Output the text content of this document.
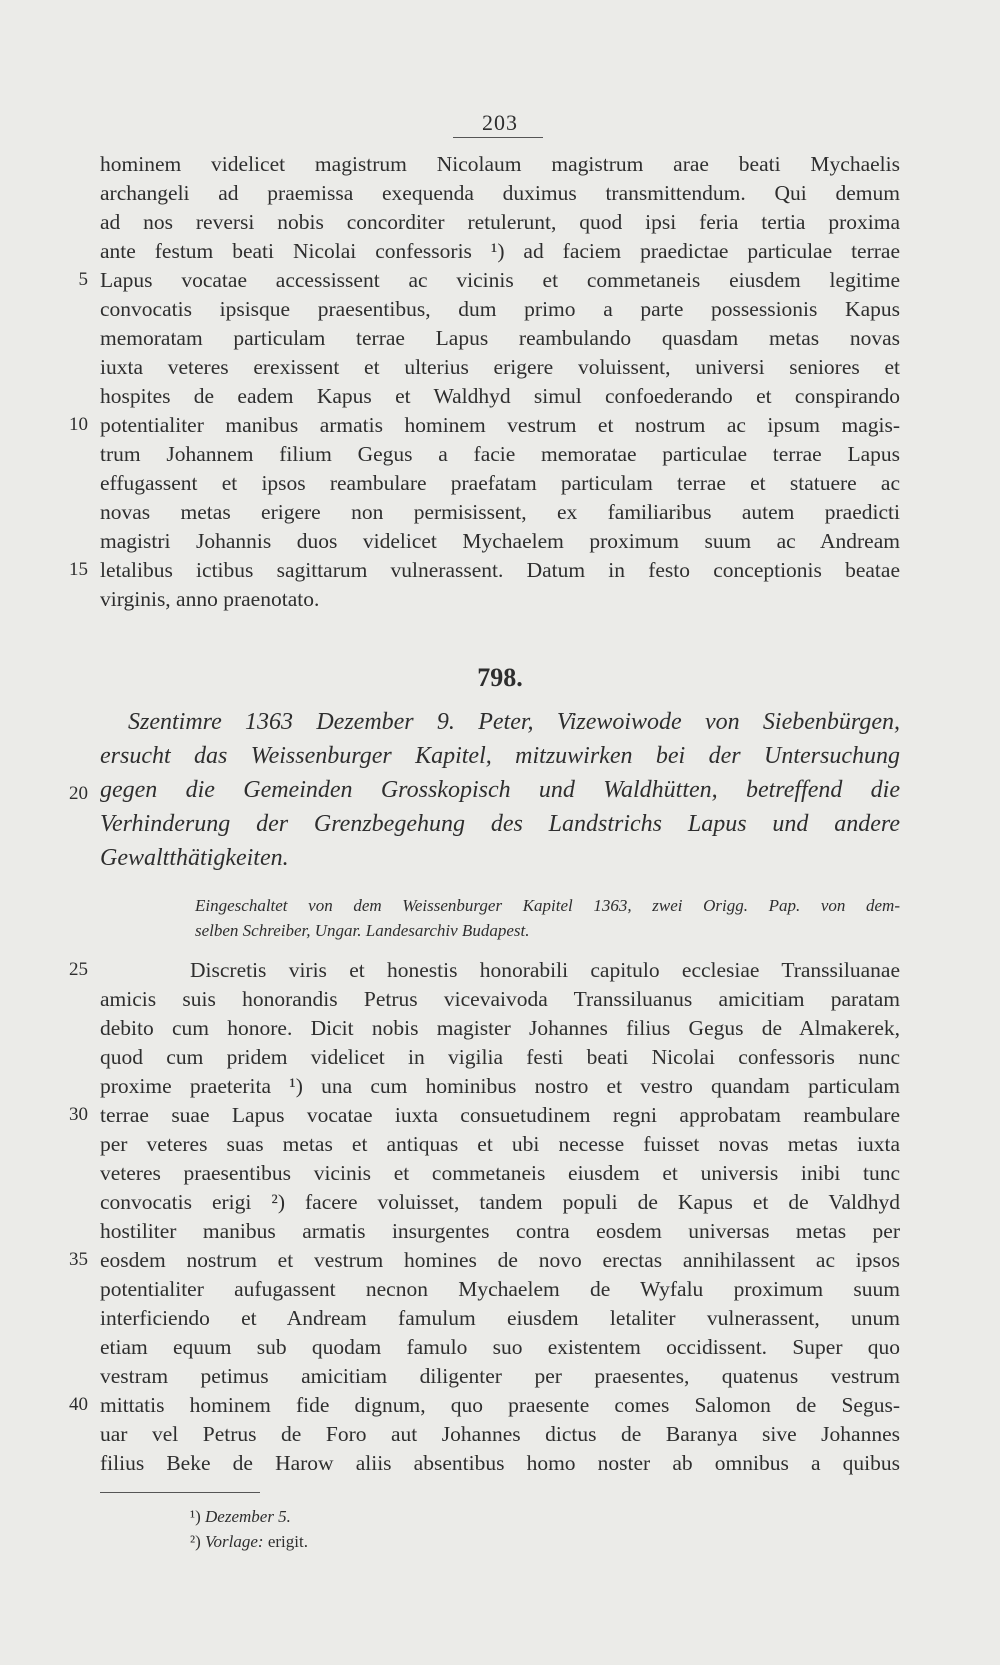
203
hominem videlicet magistrum Nicolaum magistrum arae beati Mychaelis
archangeli ad praemissa exequenda duximus transmittendum. Qui demum
ad nos reversi nobis concorditer retulerunt, quod ipsi feria tertia proxima
ante festum beati Nicolai confessoris ¹) ad faciem praedictae particulae terrae
Lapus vocatae accessissent ac vicinis et commetaneis eiusdem legitime
convocatis ipsisque praesentibus, dum primo a parte possessionis Kapus
memoratam particulam terrae Lapus reambulando quasdam metas novas
iuxta veteres erexissent et ulterius erigere voluissent, universi seniores et
hospites de eadem Kapus et Waldhyd simul confoederando et conspirando
potentialiter manibus armatis hominem vestrum et nostrum ac ipsum magis-
trum Johannem filium Gegus a facie memoratae particulae terrae Lapus
effugassent et ipsos reambulare praefatam particulam terrae et statuere ac
novas metas erigere non permisissent, ex familiaribus autem praedicti
magistri Johannis duos videlicet Mychaelem proximum suum ac Andream
letalibus ictibus sagittarum vulnerassent. Datum in festo conceptionis beatae
virginis, anno praenotato.
5
10
15
798.
Szentimre 1363 Dezember 9. Peter, Vizewoiwode von Siebenbürgen,
ersucht das Weissenburger Kapitel, mitzuwirken bei der Untersuchung
gegen die Gemeinden Grosskopisch und Waldhütten, betreffend die
Verhinderung der Grenzbegehung des Landstrichs Lapus und andere
Gewaltthätigkeiten.
20
Eingeschaltet von dem Weissenburger Kapitel 1363, zwei Origg. Pap. von dem-
selben Schreiber, Ungar. Landesarchiv Budapest.
Discretis viris et honestis honorabili capitulo ecclesiae Transsiluanae
amicis suis honorandis Petrus vicevaivoda Transsiluanus amicitiam paratam
debito cum honore. Dicit nobis magister Johannes filius Gegus de Almakerek,
quod cum pridem videlicet in vigilia festi beati Nicolai confessoris nunc
proxime praeterita ¹) una cum hominibus nostro et vestro quandam particulam
terrae suae Lapus vocatae iuxta consuetudinem regni approbatam reambulare
per veteres suas metas et antiquas et ubi necesse fuisset novas metas iuxta
veteres praesentibus vicinis et commetaneis eiusdem et universis inibi tunc
convocatis erigi ²) facere voluisset, tandem populi de Kapus et de Valdhyd
hostiliter manibus armatis insurgentes contra eosdem universas metas per
eosdem nostrum et vestrum homines de novo erectas annihilassent ac ipsos
potentialiter aufugassent necnon Mychaelem de Wyfalu proximum suum
interficiendo et Andream famulum eiusdem letaliter vulnerassent, unum
etiam equum sub quodam famulo suo existentem occidissent. Super quo
vestram petimus amicitiam diligenter per praesentes, quatenus vestrum
mittatis hominem fide dignum, quo praesente comes Salomon de Segus-
uar vel Petrus de Foro aut Johannes dictus de Baranya sive Johannes
filius Beke de Harow aliis absentibus homo noster ab omnibus a quibus
25
30
35
40
¹) Dezember 5.
²) Vorlage: erigit.
